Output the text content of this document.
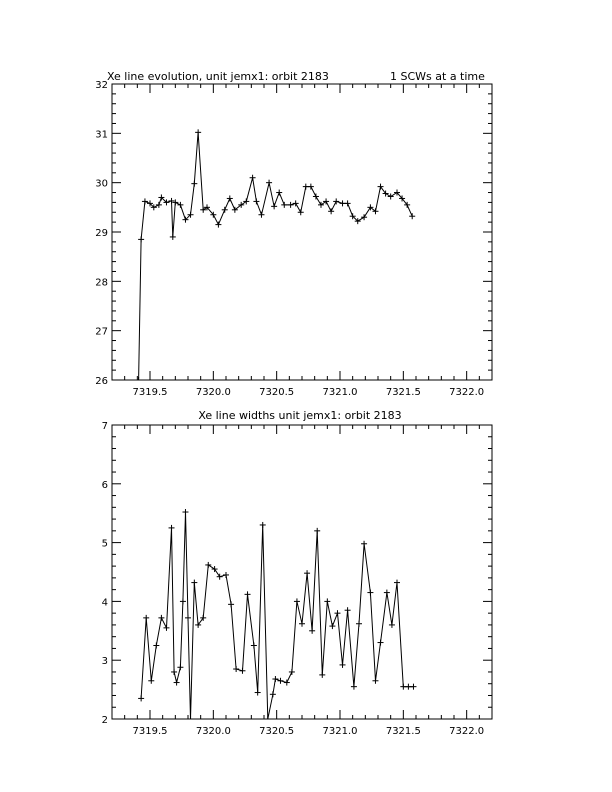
7319.5	7320.0	7320.5	7321.0	7321.5	7322.0
26
27
28
29
30
31
32
Xe line evolution, unit jemx1: orbit 2183	1 SCWs at a time
7319.5	7320.0	7320.5	7321.0	7321.5	7322.0
2
3
4
5
6
7
Xe line widths unit jemx1: orbit 2183
